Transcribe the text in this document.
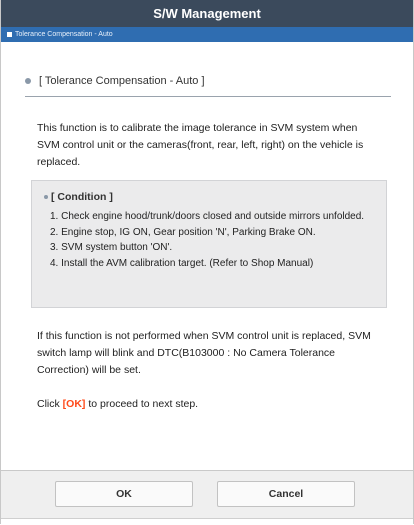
S/W Management
Tolerance Compensation - Auto
[ Tolerance Compensation - Auto ]
This function is to calibrate the image tolerance in SVM system when SVM control unit or the cameras(front, rear, left, right) on the vehicle is replaced.
[ Condition ]
1. Check engine hood/trunk/doors closed and outside mirrors unfolded.
2. Engine stop, IG ON, Gear position 'N', Parking Brake ON.
3. SVM system button 'ON'.
4. Install the AVM calibration target. (Refer to Shop Manual)
If this function is not performed when SVM control unit is replaced, SVM switch lamp will blink and DTC(B103000 : No Camera Tolerance Correction) will be set.
Click [OK] to proceed to next step.
OK	Cancel
